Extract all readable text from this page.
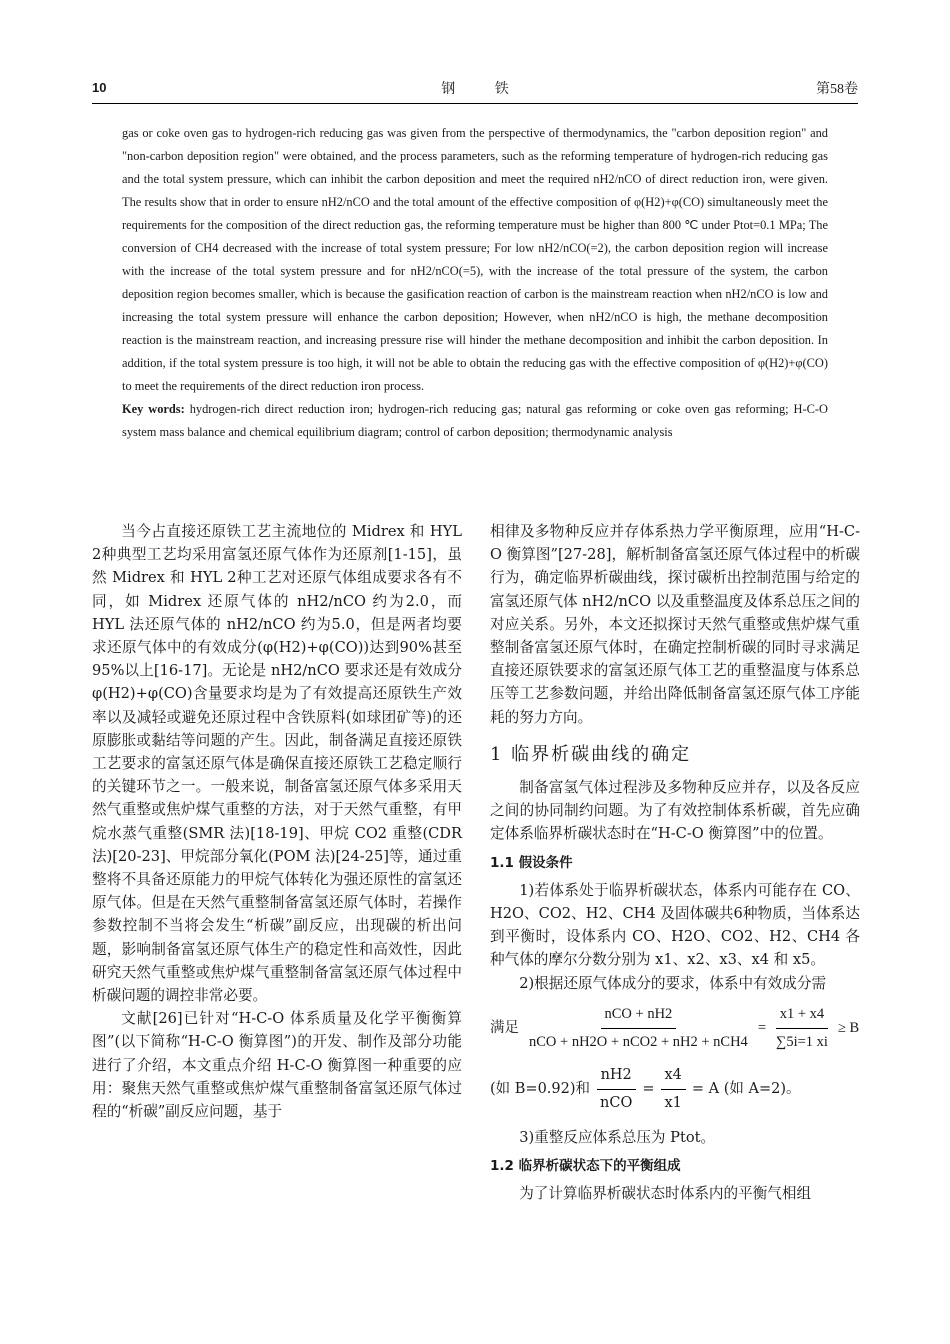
10	钢 铁	第58卷

gas or coke oven gas to hydrogen-rich reducing gas was given from the perspective of thermodynamics, the "carbon deposition region" and "non-carbon deposition region" were obtained, and the process parameters, such as the reforming temperature of hydrogen-rich reducing gas and the total system pressure, which can inhibit the carbon deposition and meet the required nH2/nCO of direct reduction iron, were given. The results show that in order to ensure nH2/nCO and the total amount of the effective composition of φ(H2)+φ(CO) simultaneously meet the requirements for the composition of the direct reduction gas, the reforming temperature must be higher than 800 ℃ under Ptot=0.1 MPa; The conversion of CH4 decreased with the increase of total system pressure; For low nH2/nCO(=2), the carbon deposition region will increase with the increase of the total system pressure and for nH2/nCO(=5), with the increase of the total pressure of the system, the carbon deposition region becomes smaller, which is because the gasification reaction of carbon is the mainstream reaction when nH2/nCO is low and increasing the total system pressure will enhance the carbon deposition; However, when nH2/nCO is high, the methane decomposition reaction is the mainstream reaction, and increasing pressure rise will hinder the methane decomposition and inhibit the carbon deposition. In addition, if the total system pressure is too high, it will not be able to obtain the reducing gas with the effective composition of φ(H2)+φ(CO) to meet the requirements of the direct reduction iron process.

Key words: hydrogen-rich direct reduction iron; hydrogen-rich reducing gas; natural gas reforming or coke oven gas reforming; H-C-O system mass balance and chemical equilibrium diagram; control of carbon deposition; thermodynamic analysis

当今占直接还原铁工艺主流地位的 Midrex 和 HYL 2种典型工艺均采用富氢还原气体作为还原剂[1-15]，虽然 Midrex 和 HYL 2种工艺对还原气体组成要求各有不同，如 Midrex 还原气体的 nH2/nCO 约为2.0，而 HYL 法还原气体的 nH2/nCO 约为5.0，但是两者均要求还原气体中的有效成分(φ(H2)+φ(CO))达到90%甚至95%以上[16-17]。无论是 nH2/nCO 要求还是有效成分 φ(H2)+φ(CO)含量要求均是为了有效提高还原铁生产效率以及减轻或避免还原过程中含铁原料(如球团矿等)的还原膨胀或黏结等问题的产生。因此，制备满足直接还原铁工艺要求的富氢还原气体是确保直接还原铁工艺稳定顺行的关键环节之一。一般来说，制备富氢还原气体多采用天然气重整或焦炉煤气重整的方法，对于天然气重整，有甲烷水蒸气重整(SMR 法)[18-19]、甲烷 CO2 重整(CDR 法)[20-23]、甲烷部分氧化(POM 法)[24-25]等，通过重整将不具备还原能力的甲烷气体转化为强还原性的富氢还原气体。但是在天然气重整制备富氢还原气体时，若操作参数控制不当将会发生“析碳”副反应，出现碳的析出问题，影响制备富氢还原气体生产的稳定性和高效性，因此研究天然气重整或焦炉煤气重整制备富氢还原气体过程中析碳问题的调控非常必要。

文献[26]已针对“H-C-O 体系质量及化学平衡衡算图”(以下简称“H-C-O 衡算图”)的开发、制作及部分功能进行了介绍，本文重点介绍 H-C-O 衡算图一种重要的应用：聚焦天然气重整或焦炉煤气重整制备富氢还原气体过程的“析碳”副反应问题，基于

相律及多物种反应并存体系热力学平衡原理，应用“H-C-O 衡算图”[27-28]，解析制备富氢还原气体过程中的析碳行为，确定临界析碳曲线，探讨碳析出控制范围与给定的富氢还原气体 nH2/nCO 以及重整温度及体系总压之间的对应关系。另外，本文还拟探讨天然气重整或焦炉煤气重整制备富氢还原气体时，在确定控制析碳的同时寻求满足直接还原铁要求的富氢还原气体工艺的重整温度与体系总压等工艺参数问题，并给出降低制备富氢还原气体工序能耗的努力方向。

1 临界析碳曲线的确定

制备富氢气体过程涉及多物种反应并存，以及各反应之间的协同制约问题。为了有效控制体系析碳，首先应确定体系临界析碳状态时在“H-C-O 衡算图”中的位置。

1.1 假设条件

1)若体系处于临界析碳状态，体系内可能存在 CO、H2O、CO2、H2、CH4 及固体碳共6种物质，当体系达到平衡时，设体系内 CO、H2O、CO2、H2、CH4 各种气体的摩尔分数分别为 x1、x2、x3、x4 和 x5。

2)根据还原气体成分的要求，体系中有效成分需

满足 $\frac{\text{nCO + nH2}}{\text{nCO + nH2O + nCO2 + nH2 + nCH4}} = \frac{x1 + x4}{\sum 5i=1 xi} \ge B$
(如 B=0.92)和 $\frac{nH2}{\text{nCO}} = \frac{x4}{x1} = A$ (如 A=2)。

3)重整反应体系总压为 Ptot。

1.2 临界析碳状态下的平衡组成

为了计算临界析碳状态时体系内的平衡气相组
